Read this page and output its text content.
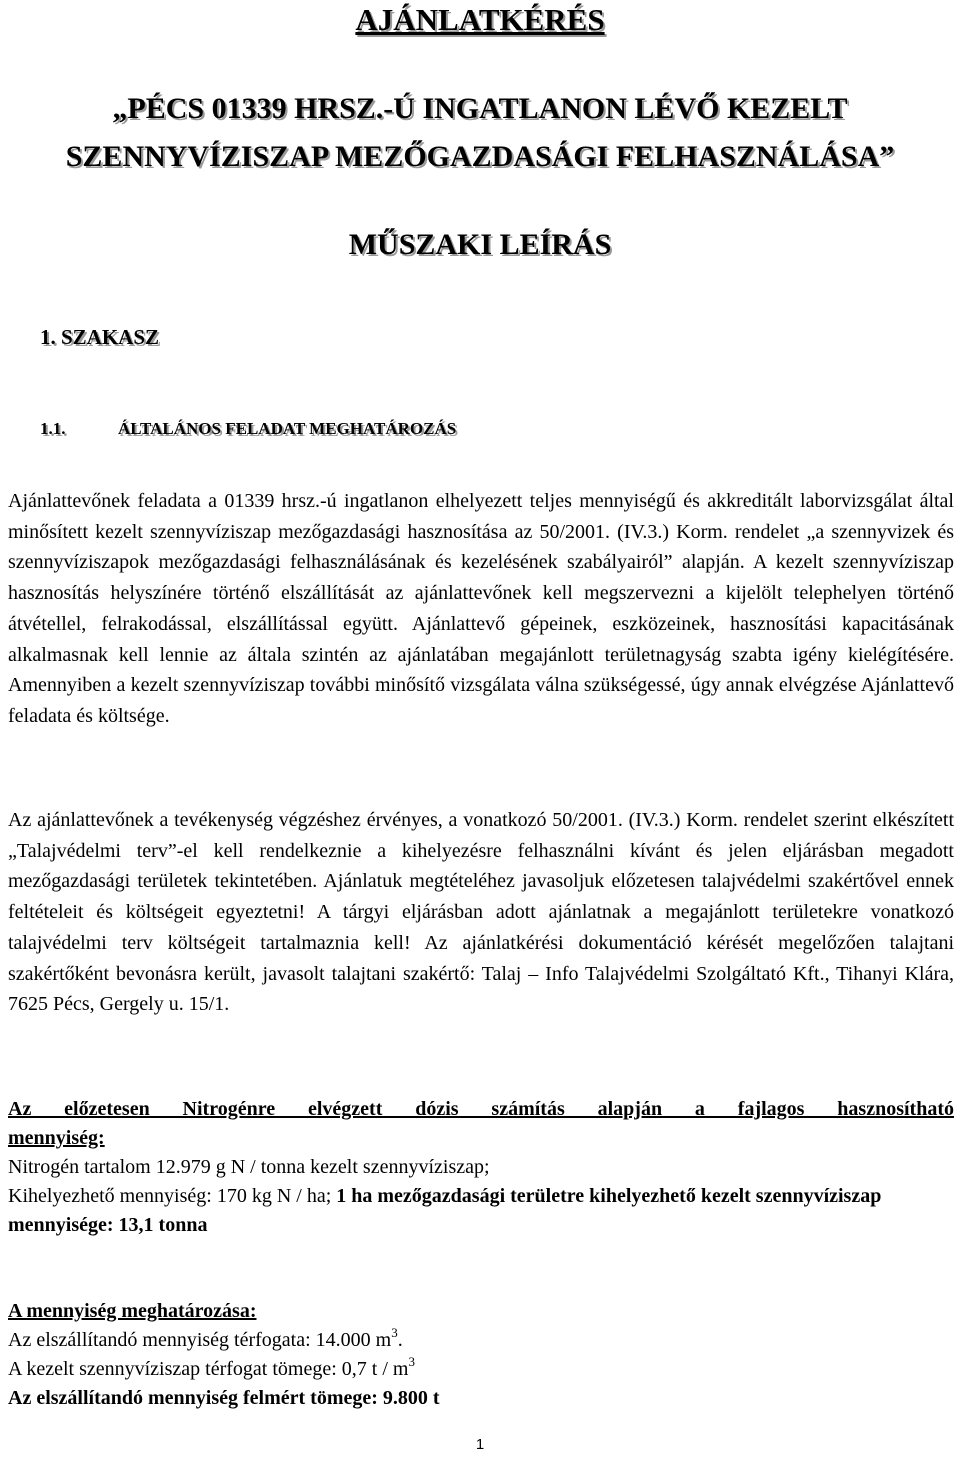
AJÁNLATKÉRÉS
„PÉCS 01339 HRSZ.-Ú INGATLANON LÉVŐ KEZELT
SZENNYVÍZISZAP MEZŐGAZDASÁGI FELHASZNÁLÁSA”
MŰSZAKI LEÍRÁS
1. SZAKASZ
1.1.	ÁLTALÁNOS FELADAT MEGHATÁROZÁS

Ajánlattevőnek feladata a 01339 hrsz.-ú ingatlanon elhelyezett teljes mennyiségű és akkreditált laborvizsgálat által minősített kezelt szennyvíziszap mezőgazdasági hasznosítása az 50/2001. (IV.3.) Korm. rendelet „a szennyvizek és szennyvíziszapok mezőgazdasági felhasználásának és kezelésének szabályairól” alapján. A kezelt szennyvíziszap hasznosítás helyszínére történő elszállítását az ajánlattevőnek kell megszervezni a kijelölt telephelyen történő átvétellel, felrakodással, elszállítással együtt. Ajánlattevő gépeinek, eszközeinek, hasznosítási kapacitásának alkalmasnak kell lennie az általa szintén az ajánlatában megajánlott területnagyság szabta igény kielégítésére. Amennyiben a kezelt szennyvíziszap további minősítő vizsgálata válna szükségessé, úgy annak elvégzése Ajánlattevő feladata és költsége.

Az ajánlattevőnek a tevékenység végzéshez érvényes, a vonatkozó 50/2001. (IV.3.) Korm. rendelet szerint elkészített „Talajvédelmi terv”-el kell rendelkeznie a kihelyezésre felhasználni kívánt és jelen eljárásban megadott mezőgazdasági területek tekintetében. Ajánlatuk megtételéhez javasoljuk előzetesen talajvédelmi szakértővel ennek feltételeit és költségeit egyeztetni! A tárgyi eljárásban adott ajánlatnak a megajánlott területekre vonatkozó talajvédelmi terv költségeit tartalmaznia kell! Az ajánlatkérési dokumentáció kérését megelőzően talajtani szakértőként bevonásra került, javasolt talajtani szakértő: Talaj – Info Talajvédelmi Szolgáltató Kft., Tihanyi Klára, 7625 Pécs, Gergely u. 15/1.

Az előzetesen Nitrogénre elvégzett dózis számítás alapján a fajlagos hasznosítható
mennyiség:
Nitrogén tartalom 12.979 g N / tonna kezelt szennyvíziszap;
Kihelyezhető mennyiség: 170 kg N / ha; 1 ha mezőgazdasági területre kihelyezhető kezelt szennyvíziszap mennyisége: 13,1 tonna
A mennyiség meghatározása:
Az elszállítandó mennyiség térfogata: 14.000 $m^3$.
A kezelt szennyvíziszap térfogat tömege: 0,7 t / $m^3$
Az elszállítandó mennyiség felmért tömege: 9.800 t
1
